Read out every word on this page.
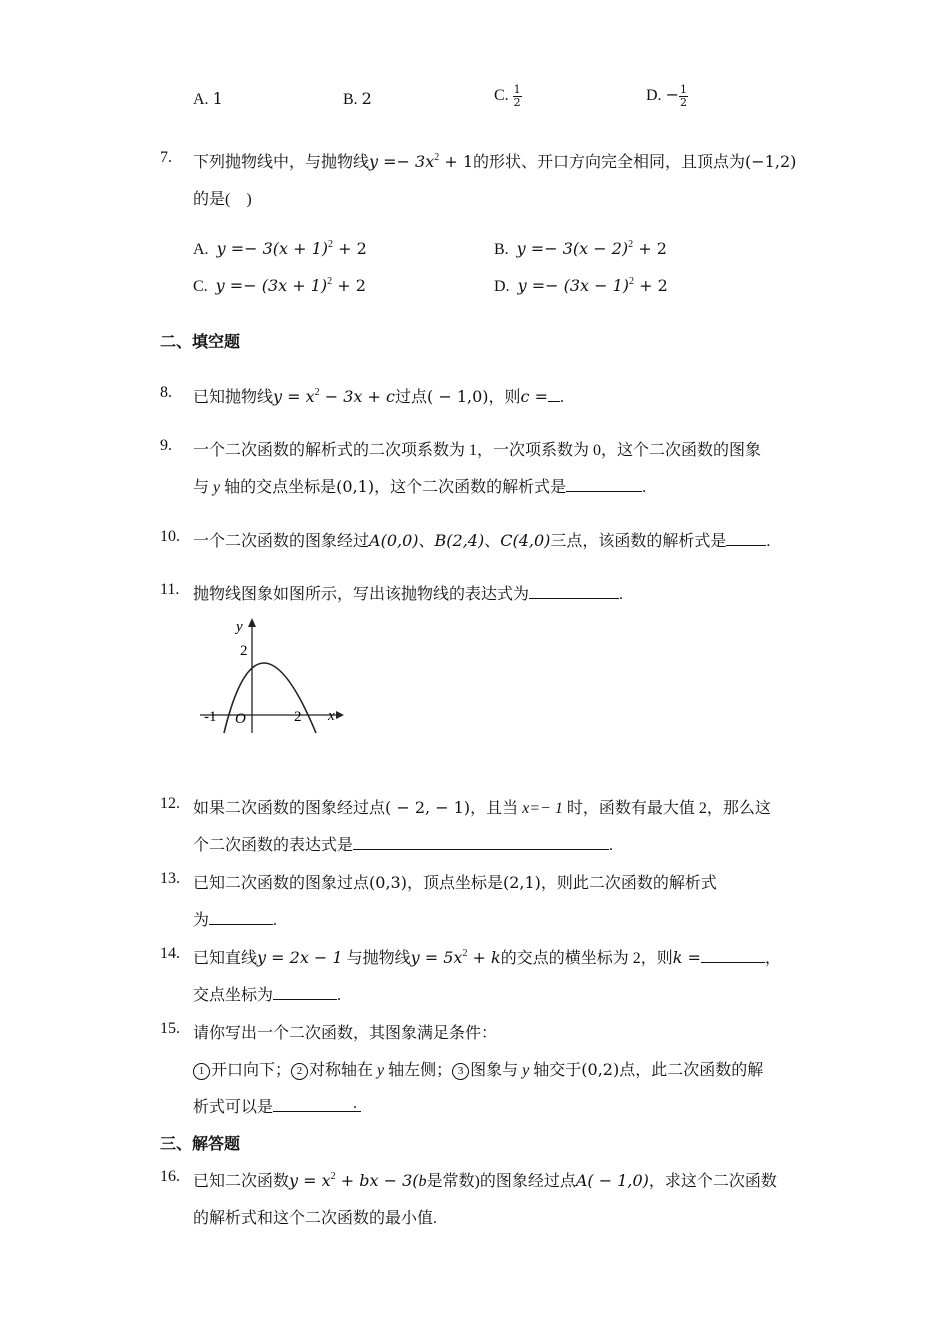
A. 1	B. 2	C. $\frac{1}{2}$	D. − $\frac{1}{2}$
7. 下列抛物线中，与抛物线$y =- 3x^2 + 1$的形状、开口方向完全相同，且顶点为(−1,2)
的是(　)
A. $y =- 3(x + 1)^2 + 2$	B. $y =- 3(x - 2)^2 + 2$
C. $y =- (3x + 1)^2 + 2$	D. $y =- (3x - 1)^2 + 2$
二、填空题
8. 已知抛物线$y = x^2 - 3x + c$过点( − 1,0)，则c = .
9. 一个二次函数的解析式的二次项系数为 1，一次项系数为 0，这个二次函数的图象
与 y 轴的交点坐标是(0,1)，这个二次函数的解析式是	.
10. 一个二次函数的图象经过A(0,0)、B(2,4)、C(4,0)三点，该函数的解析式是	.
11. 抛物线图象如图所示，写出该抛物线的表达式为	.
y
x
2
-1 O	2
12. 如果二次函数的图象经过点( − 2, − 1)，且当 x=− 1 时，函数有最大值 2，那么这
个二次函数的表达式是	.
13. 已知二次函数的图象过点(0,3)，顶点坐标是(2,1)，则此二次函数的解析式
为	.
14. 已知直线y = 2x − 1 与抛物线$y = 5x^2 + k$的交点的横坐标为 2，则k =	，
交点坐标为	.
15. 请你写出一个二次函数，其图象满足条件：
1 开口向下； 2 对称轴在 y 轴左侧； 3 图象与 y 轴交于(0,2)点，此二次函数的解
析式可以是	.
三、解答题
16. 已知二次函数$y = x^2$ + bx − 3(b是常数)的图象经过点A( − 1,0)，求这个二次函数
的解析式和这个二次函数的最小值.
